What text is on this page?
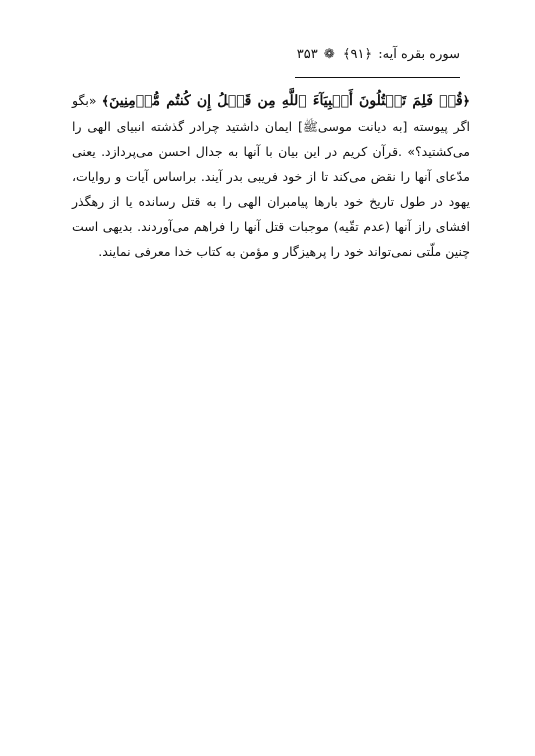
سوره بقره آیه: ﴿۹۱﴾ ❁ ۳۵۳

﴿قُلۡ فَلِمَ تَقۡتُلُونَ أَنۢبِيَآءَ ٱللَّهِ مِن قَبۡلُ إِن كُنتُم مُّؤۡمِنِينَ﴾ «بگو اگر پیوسته [به دیانت موسی‌ﷺ] ایمان داشتید چرادر گذشته انبیای الهی را می‌کشتید؟» .قرآن کریم در این بیان با آنها به جدال احسن می‌پردازد. یعنی مدّعای آنها را نقض می‌کند تا از خود فریبی بدر آیند. براساس آیات و روایات، یهود در طول تاریخ خود بارها پیامبران الهی را به قتل رسانده یا از رهگذر افشای راز آنها (عدم تقّیه) موجبات قتل آنها را فراهم می‌آوردند. بدیهی است چنین ملّتی نمی‌تواند خود را پرهیزگار و مؤمن به کتاب خدا معرفی نمایند.
